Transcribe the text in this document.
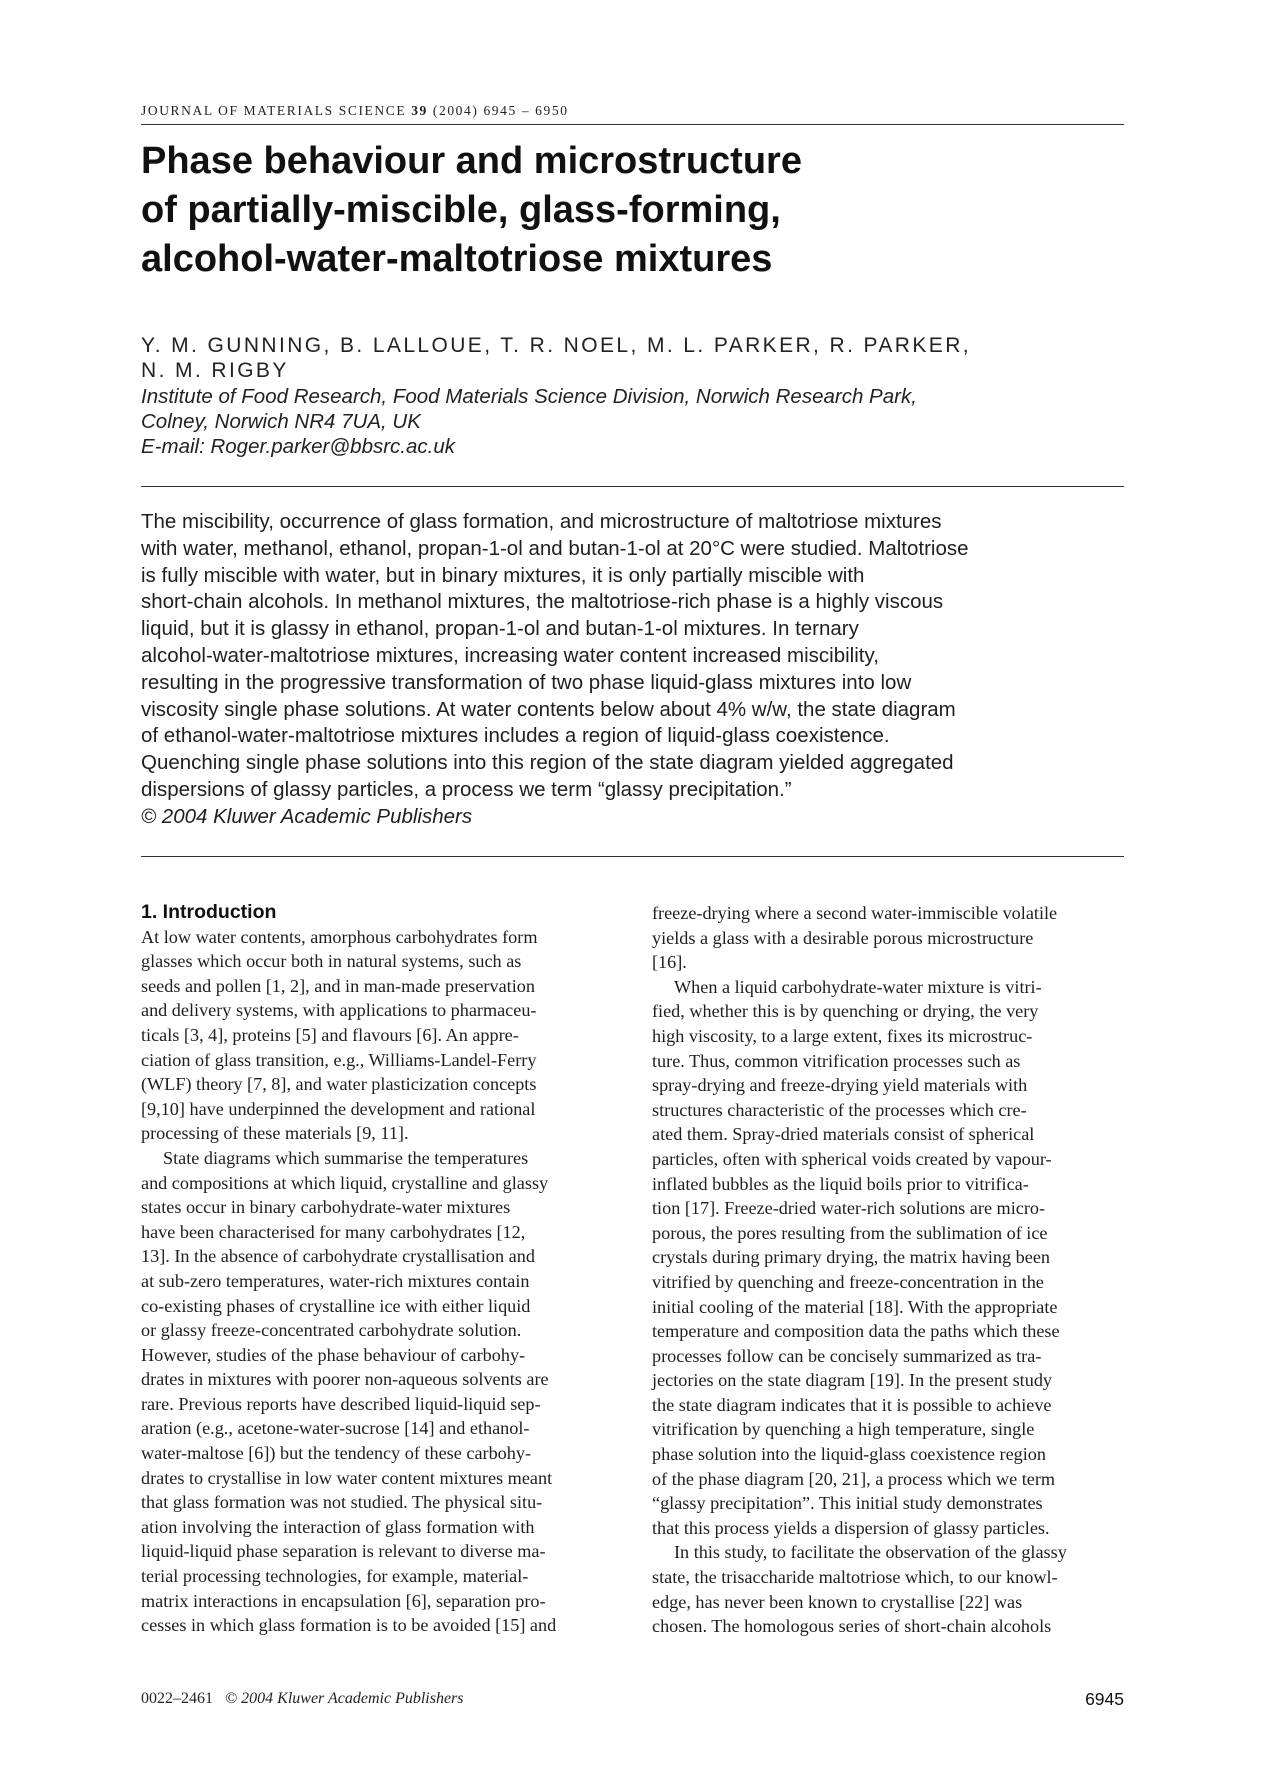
JOURNAL OF MATERIALS SCIENCE 39 (2004) 6945 – 6950
Phase behaviour and microstructure
of partially-miscible, glass-forming,
alcohol-water-maltotriose mixtures
Y. M. GUNNING, B. LALLOUE, T. R. NOEL, M. L. PARKER, R. PARKER,
N. M. RIGBY
Institute of Food Research, Food Materials Science Division, Norwich Research Park,
Colney, Norwich NR4 7UA, UK
E-mail: Roger.parker@bbsrc.ac.uk
The miscibility, occurrence of glass formation, and microstructure of maltotriose mixtures
with water, methanol, ethanol, propan-1-ol and butan-1-ol at 20°C were studied. Maltotriose
is fully miscible with water, but in binary mixtures, it is only partially miscible with
short-chain alcohols. In methanol mixtures, the maltotriose-rich phase is a highly viscous
liquid, but it is glassy in ethanol, propan-1-ol and butan-1-ol mixtures. In ternary
alcohol-water-maltotriose mixtures, increasing water content increased miscibility,
resulting in the progressive transformation of two phase liquid-glass mixtures into low
viscosity single phase solutions. At water contents below about 4% w/w, the state diagram
of ethanol-water-maltotriose mixtures includes a region of liquid-glass coexistence.
Quenching single phase solutions into this region of the state diagram yielded aggregated
dispersions of glassy particles, a process we term “glassy precipitation.”
© 2004 Kluwer Academic Publishers
1. Introduction
At low water contents, amorphous carbohydrates form
glasses which occur both in natural systems, such as
seeds and pollen [1, 2], and in man-made preservation
and delivery systems, with applications to pharmaceu-
ticals [3, 4], proteins [5] and flavours [6]. An appre-
ciation of glass transition, e.g., Williams-Landel-Ferry
(WLF) theory [7, 8], and water plasticization concepts
[9,10] have underpinned the development and rational
processing of these materials [9, 11].
State diagrams which summarise the temperatures
and compositions at which liquid, crystalline and glassy
states occur in binary carbohydrate-water mixtures
have been characterised for many carbohydrates [12,
13]. In the absence of carbohydrate crystallisation and
at sub-zero temperatures, water-rich mixtures contain
co-existing phases of crystalline ice with either liquid
or glassy freeze-concentrated carbohydrate solution.
However, studies of the phase behaviour of carbohy-
drates in mixtures with poorer non-aqueous solvents are
rare. Previous reports have described liquid-liquid sep-
aration (e.g., acetone-water-sucrose [14] and ethanol-
water-maltose [6]) but the tendency of these carbohy-
drates to crystallise in low water content mixtures meant
that glass formation was not studied. The physical situ-
ation involving the interaction of glass formation with
liquid-liquid phase separation is relevant to diverse ma-
terial processing technologies, for example, material-
matrix interactions in encapsulation [6], separation pro-
cesses in which glass formation is to be avoided [15] and
freeze-drying where a second water-immiscible volatile
yields a glass with a desirable porous microstructure
[16].
When a liquid carbohydrate-water mixture is vitri-
fied, whether this is by quenching or drying, the very
high viscosity, to a large extent, fixes its microstruc-
ture. Thus, common vitrification processes such as
spray-drying and freeze-drying yield materials with
structures characteristic of the processes which cre-
ated them. Spray-dried materials consist of spherical
particles, often with spherical voids created by vapour-
inflated bubbles as the liquid boils prior to vitrifica-
tion [17]. Freeze-dried water-rich solutions are micro-
porous, the pores resulting from the sublimation of ice
crystals during primary drying, the matrix having been
vitrified by quenching and freeze-concentration in the
initial cooling of the material [18]. With the appropriate
temperature and composition data the paths which these
processes follow can be concisely summarized as tra-
jectories on the state diagram [19]. In the present study
the state diagram indicates that it is possible to achieve
vitrification by quenching a high temperature, single
phase solution into the liquid-glass coexistence region
of the phase diagram [20, 21], a process which we term
“glassy precipitation”. This initial study demonstrates
that this process yields a dispersion of glassy particles.
In this study, to facilitate the observation of the glassy
state, the trisaccharide maltotriose which, to our knowl-
edge, has never been known to crystallise [22] was
chosen. The homologous series of short-chain alcohols
0022–2461 © 2004 Kluwer Academic Publishers	6945
